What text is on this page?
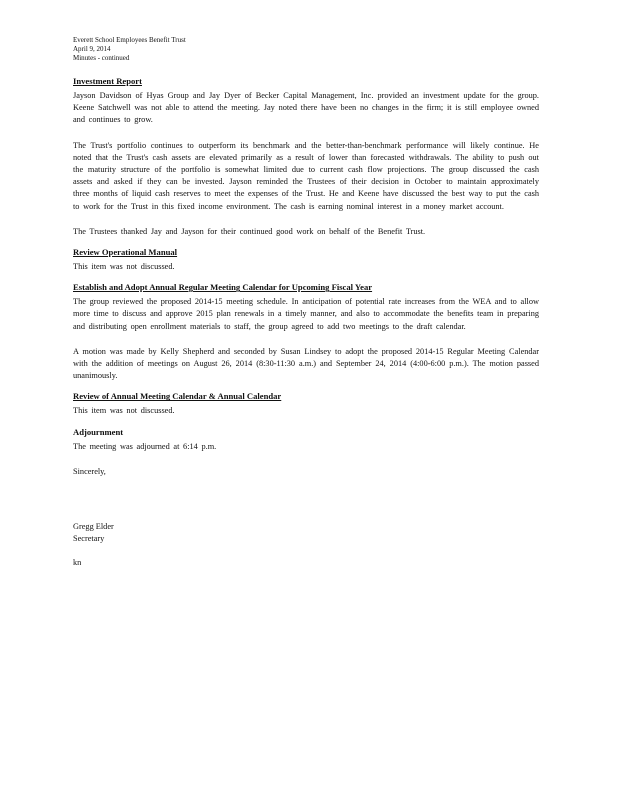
Everett School Employees Benefit Trust
April 9, 2014
Minutes - continued
Investment Report

Jayson Davidson of Hyas Group and Jay Dyer of Becker Capital Management, Inc. provided an investment update for the group. Keene Satchwell was not able to attend the meeting. Jay noted there have been no changes in the firm; it is still employee owned and continues to grow.

The Trust's portfolio continues to outperform its benchmark and the better-than-benchmark performance will likely continue. He noted that the Trust's cash assets are elevated primarily as a result of lower than forecasted withdrawals. The ability to push out the maturity structure of the portfolio is somewhat limited due to current cash flow projections. The group discussed the cash assets and asked if they can be invested. Jayson reminded the Trustees of their decision in October to maintain approximately three months of liquid cash reserves to meet the expenses of the Trust. He and Keene have discussed the best way to put the cash to work for the Trust in this fixed income environment. The cash is earning nominal interest in a money market account.

The Trustees thanked Jay and Jayson for their continued good work on behalf of the Benefit Trust.

Review Operational Manual

This item was not discussed.

Establish and Adopt Annual Regular Meeting Calendar for Upcoming Fiscal Year

The group reviewed the proposed 2014-15 meeting schedule. In anticipation of potential rate increases from the WEA and to allow more time to discuss and approve 2015 plan renewals in a timely manner, and also to accommodate the benefits team in preparing and distributing open enrollment materials to staff, the group agreed to add two meetings to the draft calendar.

A motion was made by Kelly Shepherd and seconded by Susan Lindsey to adopt the proposed 2014-15 Regular Meeting Calendar with the addition of meetings on August 26, 2014 (8:30-11:30 a.m.) and September 24, 2014 (4:00-6:00 p.m.). The motion passed unanimously.

Review of Annual Meeting Calendar & Annual Calendar

This item was not discussed.

Adjournment

The meeting was adjourned at 6:14 p.m.

Sincerely,

Gregg Elder

Secretary

kn
